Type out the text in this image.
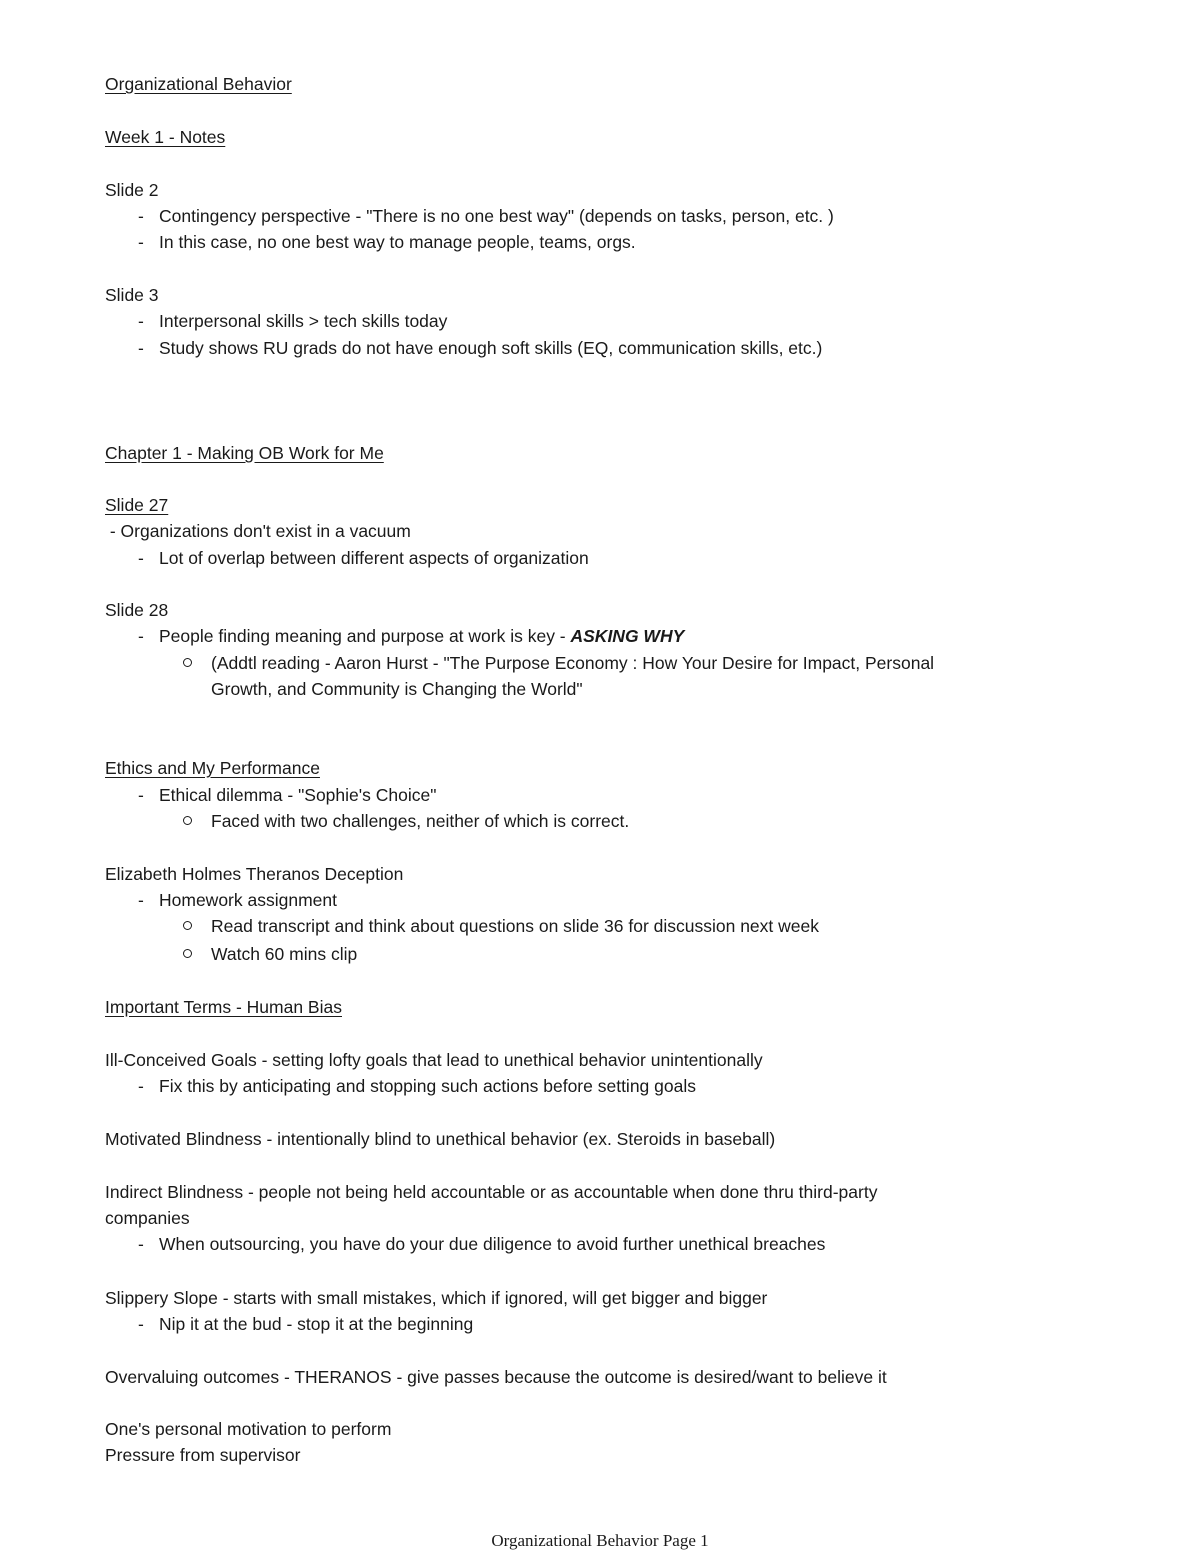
Organizational Behavior
Week 1 - Notes
Slide 2
- Contingency perspective - "There is no one best way" (depends on tasks, person, etc. )
- In this case, no one best way to manage people, teams, orgs.
Slide 3
- Interpersonal skills > tech skills today
- Study shows RU grads do not have enough soft skills (EQ, communication skills, etc.)
Chapter 1 - Making OB Work for Me
Slide 27
- Organizations don't exist in a vacuum
- Lot of overlap between different aspects of organization
Slide 28
- People finding meaning and purpose at work is key - ASKING WHY
(Addtl reading - Aaron Hurst - "The Purpose Economy : How Your Desire for Impact, Personal
Growth, and Community is Changing the World"
Ethics and My Performance
- Ethical dilemma - "Sophie's Choice"
Faced with two challenges, neither of which is correct.
Elizabeth Holmes Theranos Deception
- Homework assignment
Read transcript and think about questions on slide 36 for discussion next week
Watch 60 mins clip
Important Terms - Human Bias
Ill-Conceived Goals - setting lofty goals that lead to unethical behavior unintentionally
- Fix this by anticipating and stopping such actions before setting goals
Motivated Blindness - intentionally blind to unethical behavior (ex. Steroids in baseball)
Indirect Blindness - people not being held accountable or as accountable when done thru third-party
companies
- When outsourcing, you have do your due diligence to avoid further unethical breaches
Slippery Slope - starts with small mistakes, which if ignored, will get bigger and bigger
- Nip it at the bud - stop it at the beginning
Overvaluing outcomes - THERANOS - give passes because the outcome is desired/want to believe it
One's personal motivation to perform
Pressure from supervisor
Organizational Behavior Page 1
